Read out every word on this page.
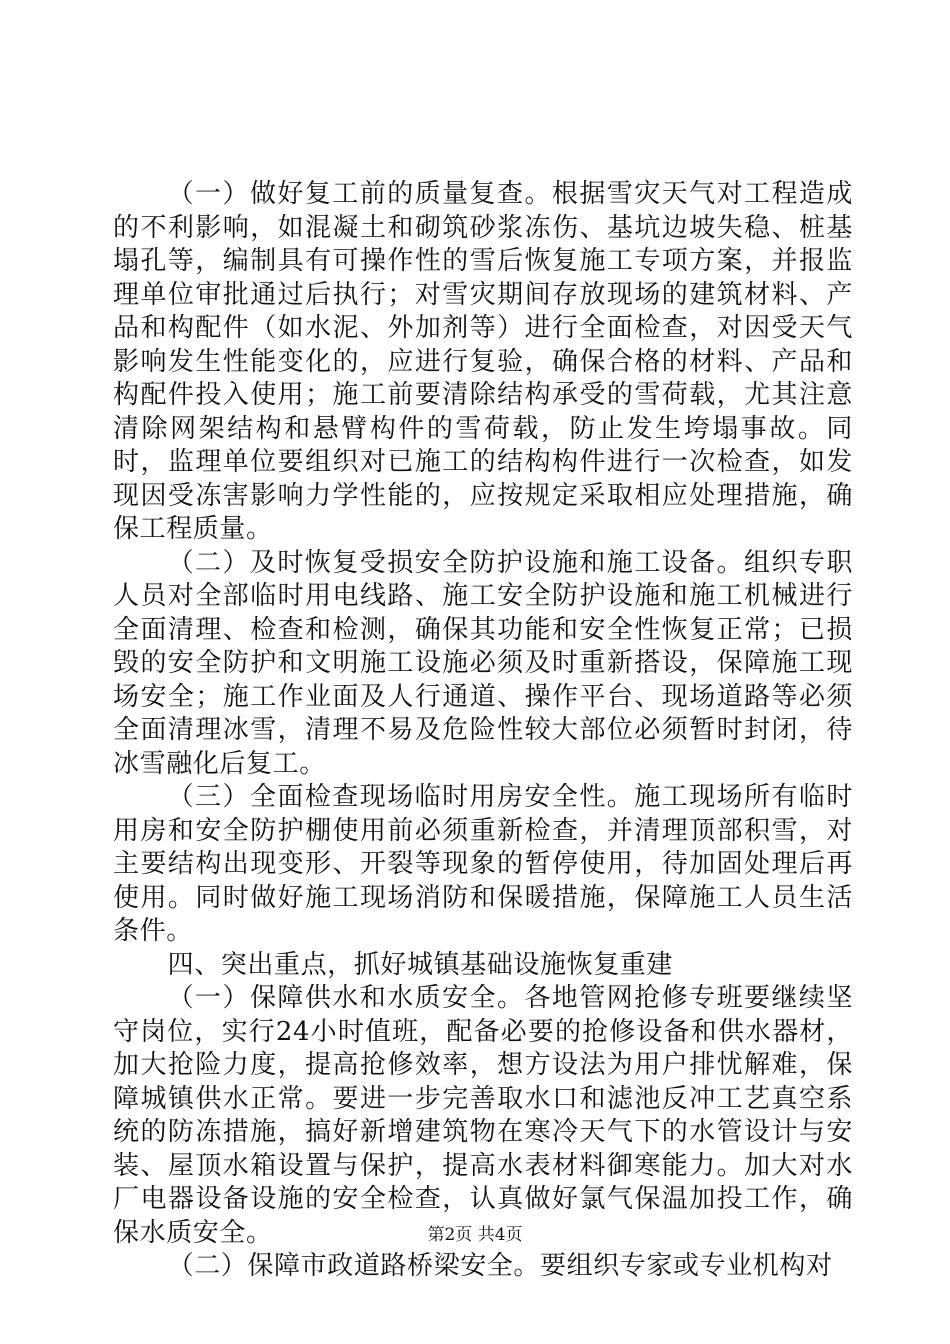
（一）做好复工前的质量复查。根据雪灾天气对工程造成的不利影响，如混凝土和砌筑砂浆冻伤、基坑边坡失稳、桩基塌孔等，编制具有可操作性的雪后恢复施工专项方案，并报监理单位审批通过后执行；对雪灾期间存放现场的建筑材料、产品和构配件（如水泥、外加剂等）进行全面检查，对因受天气影响发生性能变化的，应进行复验，确保合格的材料、产品和构配件投入使用；施工前要清除结构承受的雪荷载，尤其注意清除网架结构和悬臂构件的雪荷载，防止发生垮塌事故。同时，监理单位要组织对已施工的结构构件进行一次检查，如发现因受冻害影响力学性能的，应按规定采取相应处理措施，确保工程质量。

（二）及时恢复受损安全防护设施和施工设备。组织专职人员对全部临时用电线路、施工安全防护设施和施工机械进行全面清理、检查和检测，确保其功能和安全性恢复正常；已损毁的安全防护和文明施工设施必须及时重新搭设，保障施工现场安全；施工作业面及人行通道、操作平台、现场道路等必须全面清理冰雪，清理不易及危险性较大部位必须暂时封闭，待冰雪融化后复工。

（三）全面检查现场临时用房安全性。施工现场所有临时用房和安全防护棚使用前必须重新检查，并清理顶部积雪，对主要结构出现变形、开裂等现象的暂停使用，待加固处理后再使用。同时做好施工现场消防和保暖措施，保障施工人员生活条件。

四、突出重点，抓好城镇基础设施恢复重建

（一）保障供水和水质安全。各地管网抢修专班要继续坚守岗位，实行24小时值班，配备必要的抢修设备和供水器材，加大抢险力度，提高抢修效率，想方设法为用户排忧解难，保障城镇供水正常。要进一步完善取水口和滤池反冲工艺真空系统的防冻措施，搞好新增建筑物在寒冷天气下的水管设计与安装、屋顶水箱设置与保护，提高水表材料御寒能力。加大对水厂电器设备设施的安全检查，认真做好氯气保温加投工作，确保水质安全。

（二）保障市政道路桥梁安全。要组织专家或专业机构对

第2页 共4页
